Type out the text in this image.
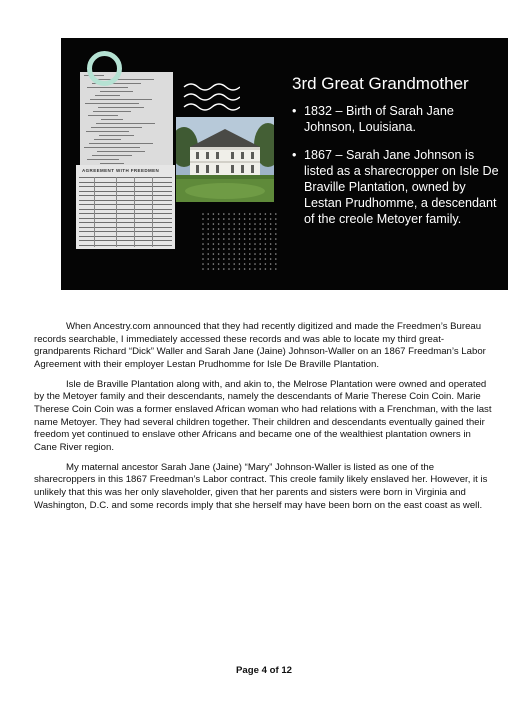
AGREEMENT WITH FREEDMEN
3rd Great Grandmother
• 1832 – Birth of Sarah Jane Johnson, Louisiana.
• 1867 – Sarah Jane Johnson is listed as a sharecropper on Isle De Braville Plantation, owned by Lestan Prudhomme, a descendant of the creole Metoyer family.

When Ancestry.com announced that they had recently digitized and made the Freedmen’s Bureau records searchable, I immediately accessed these records and was able to locate my third great-grandparents Richard “Dick” Waller and Sarah Jane (Jaine) Johnson-Waller on an 1867 Freedman’s Labor Agreement with their employer Lestan Prudhomme for Isle De Braville Plantation.

Isle de Braville Plantation along with, and akin to, the Melrose Plantation were owned and operated by the Metoyer family and their descendants, namely the descendants of Marie Therese Coin Coin. Marie Therese Coin Coin was a former enslaved African woman who had relations with a Frenchman, with the last name Metoyer. They had several children together. Their children and descendants eventually gained their freedom yet continued to enslave other Africans and became one of the wealthiest plantation owners in Cane River region.

My maternal ancestor Sarah Jane (Jaine) “Mary” Johnson-Waller is listed as one of the sharecroppers in this 1867 Freedman’s Labor contract. This creole family likely enslaved her. However, it is unlikely that this was her only slaveholder, given that her parents and sisters were born in Virginia and Washington, D.C. and some records imply that she herself may have been born on the east coast as well.

Page 4 of 12
